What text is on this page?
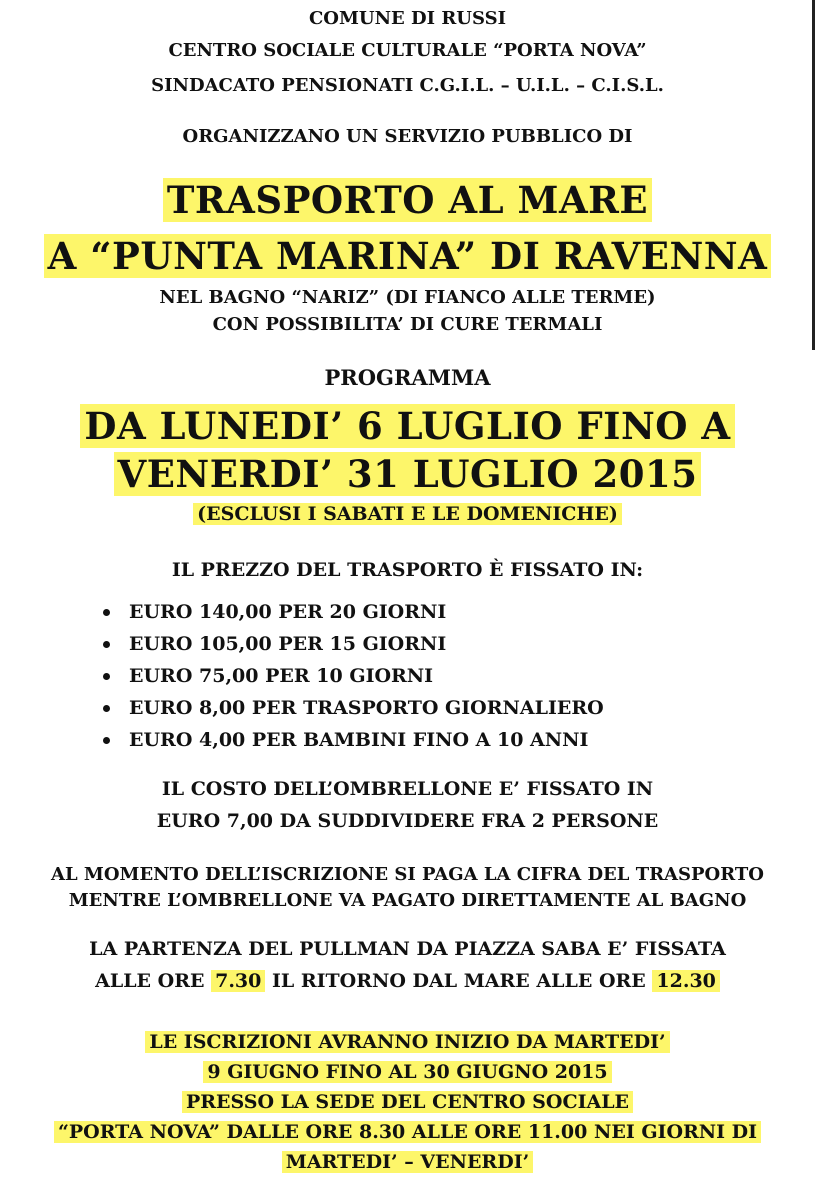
COMUNE DI RUSSI
CENTRO SOCIALE CULTURALE “PORTA NOVA”
SINDACATO PENSIONATI C.G.I.L. – U.I.L. – C.I.S.L.
ORGANIZZANO UN SERVIZIO PUBBLICO DI
TRASPORTO AL MARE
A “PUNTA MARINA” DI RAVENNA
NEL BAGNO “NARIZ” (DI FIANCO ALLE TERME)
CON POSSIBILITA’ DI CURE TERMALI
PROGRAMMA
DA LUNEDI’ 6 LUGLIO FINO A
VENERDI’ 31 LUGLIO 2015
(ESCLUSI I SABATI E LE DOMENICHE)
IL PREZZO DEL TRASPORTO È FISSATO IN:
EURO 140,00 PER 20 GIORNI
EURO 105,00 PER 15 GIORNI
EURO 75,00 PER 10 GIORNI
EURO 8,00 PER TRASPORTO GIORNALIERO
EURO 4,00 PER BAMBINI FINO A 10 ANNI
IL COSTO DELL’OMBRELLONE E’ FISSATO IN
EURO 7,00 DA SUDDIVIDERE FRA 2 PERSONE
AL MOMENTO DELL’ISCRIZIONE SI PAGA LA CIFRA DEL TRASPORTO
MENTRE L’OMBRELLONE VA PAGATO DIRETTAMENTE AL BAGNO
LA PARTENZA DEL PULLMAN DA PIAZZA SABA E’ FISSATA
ALLE ORE 7.30 IL RITORNO DAL MARE ALLE ORE 12.30
LE ISCRIZIONI AVRANNO INIZIO DA MARTEDI’
9 GIUGNO FINO AL 30 GIUGNO 2015
PRESSO LA SEDE DEL CENTRO SOCIALE
“PORTA NOVA” DALLE ORE 8.30 ALLE ORE 11.00 NEI GIORNI DI
MARTEDI’ – VENERDI’
